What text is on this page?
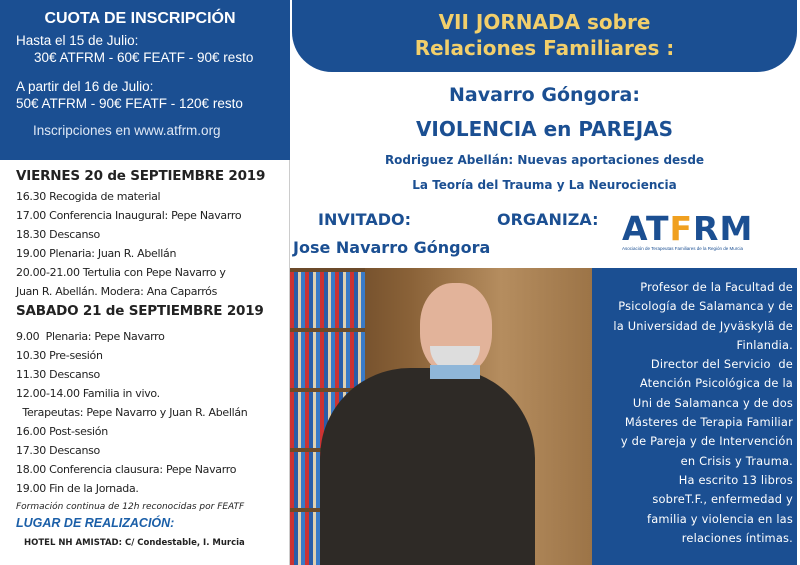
CUOTA DE INSCRIPCIÓN
Hasta el 15 de Julio:
30€ ATFRM - 60€ FEATF - 90€ resto
A partir del 16 de Julio:
50€ ATFRM - 90€ FEATF - 120€ resto
Inscripciones en www.atfrm.org
VIERNES 20 de SEPTIEMBRE 2019
16.30 Recogida de material
17.00 Conferencia Inaugural: Pepe Navarro
18.30 Descanso
19.00 Plenaria: Juan R. Abellán
20.00-21.00 Tertulia con Pepe Navarro y
Juan R. Abellán. Modera: Ana Caparrós
SABADO 21 de SEPTIEMBRE 2019
9.00  Plenaria: Pepe Navarro
10.30 Pre-sesión
11.30 Descanso
12.00-14.00 Familia in vivo.
Terapeutas: Pepe Navarro y Juan R. Abellán
16.00 Post-sesión
17.30 Descanso
18.00 Conferencia clausura: Pepe Navarro
19.00 Fin de la Jornada.
Formación continua de 12h reconocidas por FEATF
LUGAR DE REALIZACIÓN:
HOTEL NH AMISTAD: C/ Condestable, I. Murcia
VII JORNADA sobre
Relaciones Familiares :
Navarro Góngora:
VIOLENCIA en PAREJAS
Rodriguez Abellán: Nuevas aportaciones desde
La Teoría del Trauma y La Neurociencia
INVITADO:
Jose Navarro Góngora
ORGANIZA: ATFRM
Asociación de Terapeutas Familiares de la Región de Murcia
Profesor de la Facultad de
Psicología de Salamanca y de
la Universidad de Jyväskylä de
Finlandia.
Director del Servicio  de
Atención Psicológica de la
Uni de Salamanca y de dos
Másteres de Terapia Familiar
y de Pareja y de Intervención
en Crisis y Trauma.
Ha escrito 13 libros
sobreT.F., enfermedad y
familia y violencia en las
relaciones íntimas.
